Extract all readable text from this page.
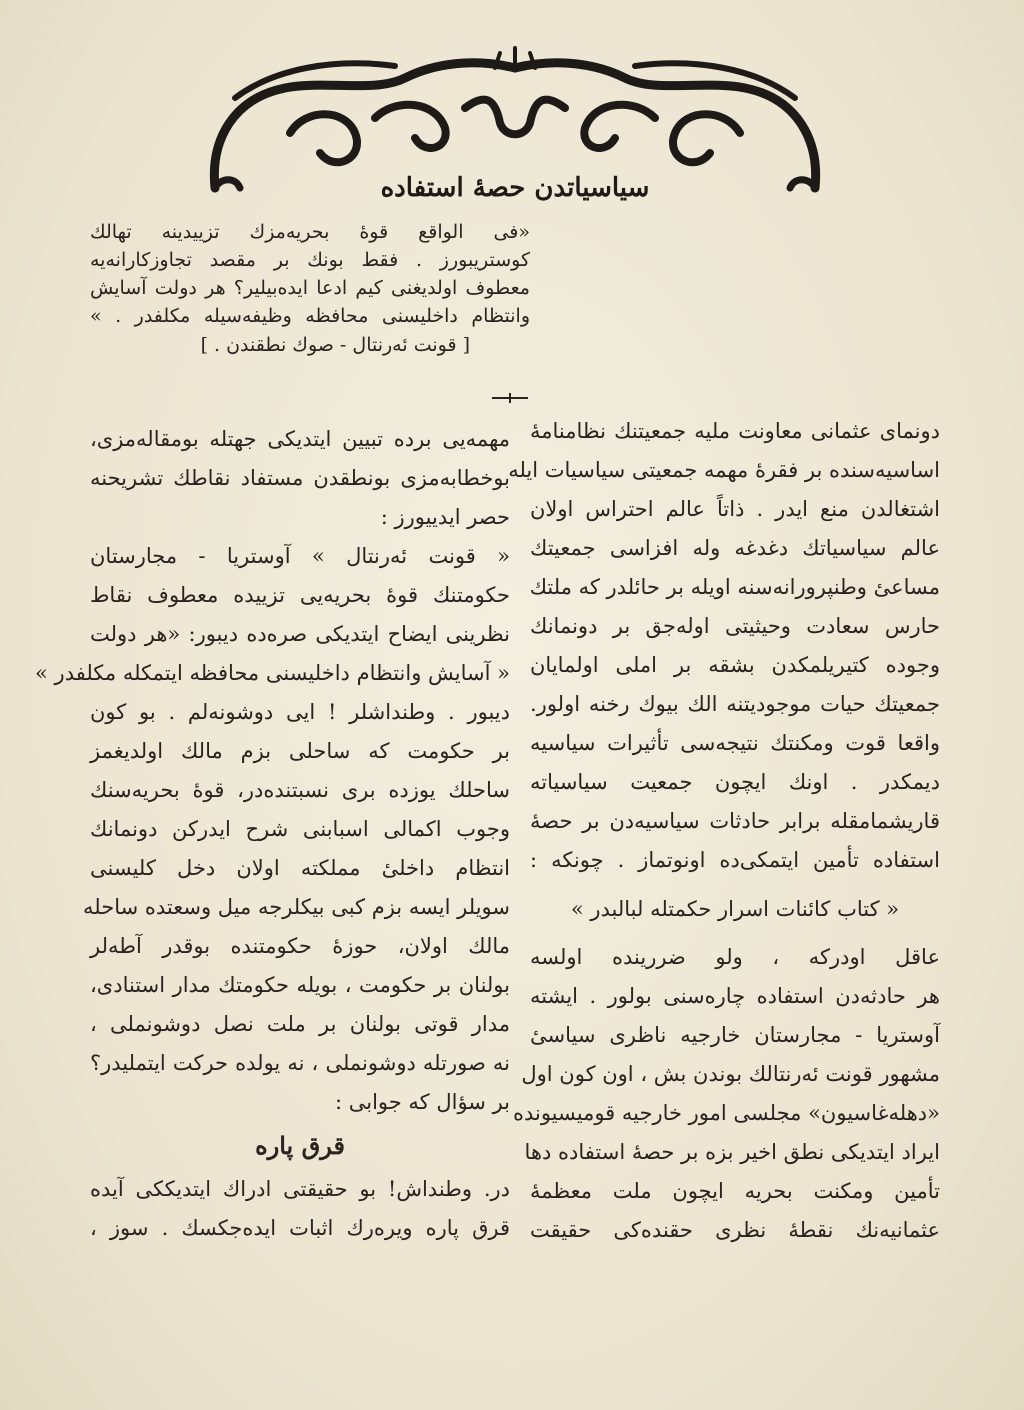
سیاسیاتدن حصهٔ استفاده
«فی الواقع قوهٔ بحریه‌مزك تزییدینه تهالك
کوستریبورز . فقط بونك بر مقصد تجاوزکارانه‌یه
معطوف اولدیغنی کیم ادعا ایده‌بیلیر؟ هر دولت آسایش
وانتظام داخلیسنی محافظه وظیفه‌سیله مکلفدر . »
[ قونت ئه‌رنتال - صوك نطقندن . ]
مهمه‌یی برده تبیین ایتدیکی جهتله بومقاله‌مزی،
بوخطابه‌مزی بونطقدن مستفاد نقاطك تشریحنه
حصر ایدییورز :
« قونت ئه‌رنتال » آوستریا - مجارستان
حکومتنك قوهٔ بحریه‌یی تزییده معطوف نقاط
نظرینی ایضاح ایتدیکی صره‌ده دیبور: «هر دولت
« آسایش وانتظام داخلیسنی محافظه ایتمکله مکلفدر »
دیبور . وطنداشلر ! ایی دوشونه‌لم . بو کون
بر حکومت که ساحلی بزم مالك اولدیغمز
ساحلك یوزده بری نسبتنده‌در، قوهٔ بحریه‌سنك
وجوب اکمالی اسبابنی شرح ایدرکن دونمانك
انتظام داخلیٔ مملکته اولان دخل کلیسنی
سویلر ایسه بزم کبی بیکلرجه میل وسعتده ساحله
مالك اولان، حوزهٔ حکومتنده بوقدر آطه‌لر
بولنان بر حکومت ، بویله حکومتك مدار استنادی،
مدار قوتی بولنان بر ملت نصل دوشونملی ،
نه صورتله دوشونملی ، نه یولده حرکت ایتملیدر؟
بر سؤال که جوابی :
قرق پاره
در. وطنداش! بو حقیقتی ادراك ایتدیککی آیده
قرق پاره ویره‌رك اثبات ایده‌جکسك . سوز ،
دونمای عثمانی معاونت ملیه جمعیتنك نظامنامهٔ
اساسیه‌سنده بر فقرهٔ مهمه جمعیتی سیاسیات ایله
اشتغالدن منع ایدر . ذاتاً عالم احتراس اولان
عالم سیاسیاتك دغدغه وله افزاسی جمعیتك
مساعئ وطنپرورانه‌سنه اویله بر حائلدر که ملتك
حارس سعادت وحیثیتی اوله‌جق بر دونمانك
وجوده کتیریلمکدن بشقه بر املی اولمایان
جمعیتك حیات موجودیتنه الك بیوك رخنه اولور.
واقعا قوت ومکنتك نتیجه‌سی تأثیرات سیاسیه
دیمکدر . اونك ایچون جمعیت سیاسیاته
قاریشمامقله برابر حادثات سیاسیه‌دن بر حصهٔ
استفاده تأمین ایتمکی‌ده اونوتماز . چونکه :
« کتاب کائنات اسرار حکمتله لبالبدر »
عاقل اودرکه ، ولو ضررینده اولسه
هر حادثه‌دن استفاده چاره‌سنی بولور . ایشته
آوستریا - مجارستان خارجیه ناظری سیاسیٔ
مشهور قونت ئه‌رنتالك بوندن بش ، اون کون اول
«دهله‌غاسیون» مجلسی امور خارجیه قومیسیونده
ایراد ایتدیکی نطق اخیر بزه بر حصهٔ استفاده دها
تأمین ومکنت بحریه ایچون ملت معظمهٔ
عثمانیه‌نك نقطهٔ نظری حقنده‌کی حقیقت
